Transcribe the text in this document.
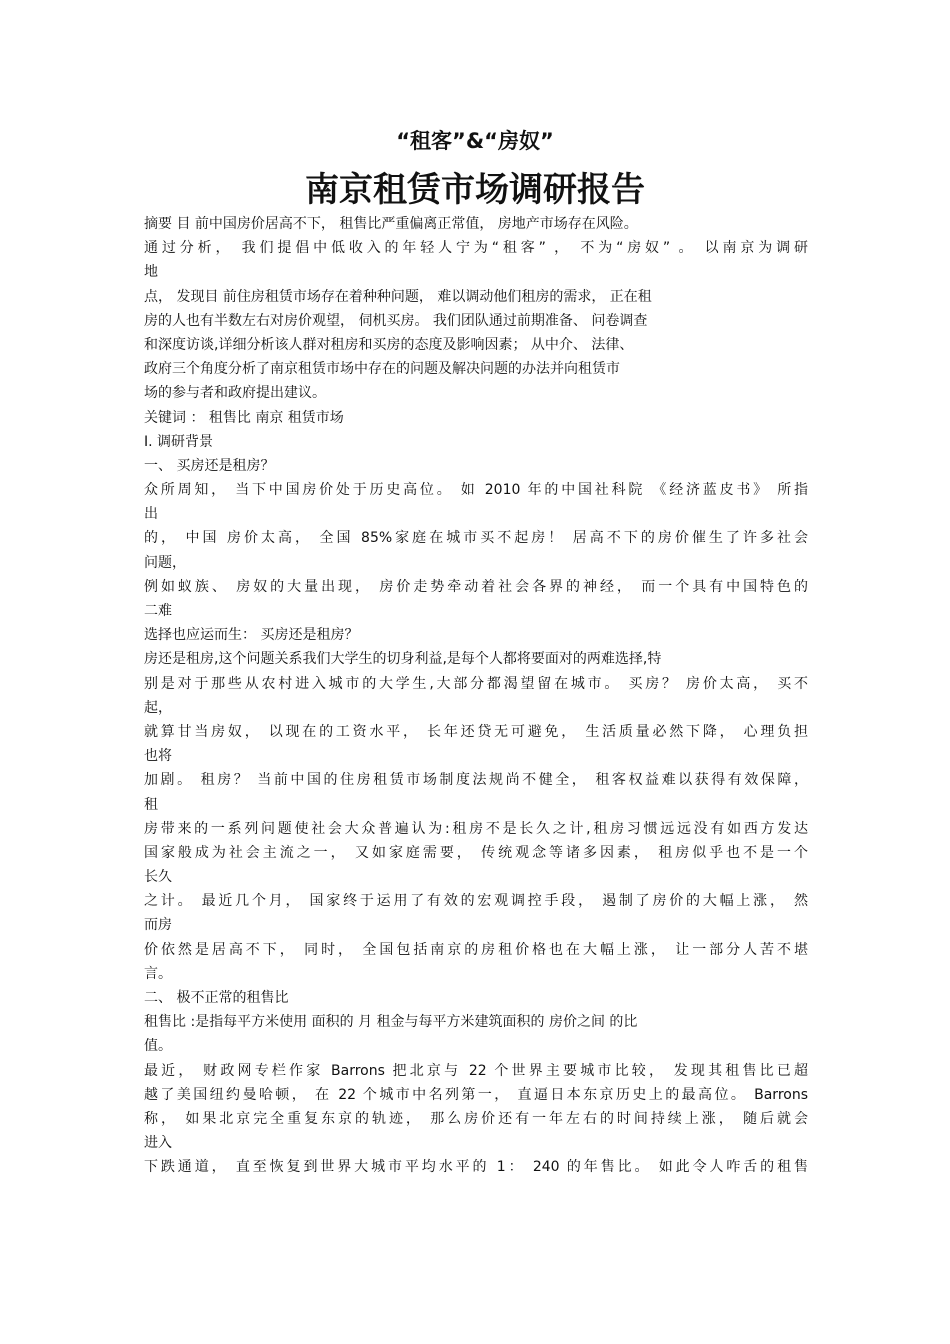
“租客”&“房奴”
南京租赁市场调研报告
摘要 目 前中国房价居高不下， 租售比严重偏离正常值， 房地产市场存在风险。
通过分析， 我们提倡中低收入的年轻人宁为“租客” ， 不为“房奴” 。 以南京为调研
地
点， 发现目 前住房租赁市场存在着种种问题， 难以调动他们租房的需求， 正在租
房的人也有半数左右对房价观望， 伺机买房。 我们团队通过前期准备、 问卷调查
和深度访谈,详细分析该人群对租房和买房的态度及影响因素； 从中介、 法律、
政府三个角度分析了南京租赁市场中存在的问题及解决问题的办法并向租赁市
场的参与者和政府提出建议。
关键词 ： 租售比 南京 租赁市场
I. 调研背景
一、 买房还是租房？
众所周知， 当下中国房价处于历史高位。 如 2010 年的中国社科院 《经济蓝皮书》 所指
出
的， 中国 房价太高， 全国 85%家庭在城市买不起房！ 居高不下的房价催生了许多社会
问题，
例如蚁族、 房奴的大量出现， 房价走势牵动着社会各界的神经， 而一个具有中国特色的
二难
选择也应运而生： 买房还是租房？
房还是租房,这个问题关系我们大学生的切身利益,是每个人都将要面对的两难选择,特
别是对于那些从农村进入城市的大学生,大部分都渴望留在城市。 买房？ 房价太高， 买不
起，
就算甘当房奴， 以现在的工资水平， 长年还贷无可避免， 生活质量必然下降， 心理负担
也将
加剧。 租房？ 当前中国的住房租赁市场制度法规尚不健全， 租客权益难以获得有效保障，
租
房带来的一系列问题使社会大众普遍认为:租房不是长久之计,租房习惯远远没有如西方发达
国家般成为社会主流之一， 又如家庭需要， 传统观念等诸多因素， 租房似乎也不是一个
长久
之计。 最近几个月， 国家终于运用了有效的宏观调控手段， 遏制了房价的大幅上涨， 然
而房
价依然是居高不下， 同时， 全国包括南京的房租价格也在大幅上涨， 让一部分人苦不堪
言。
二、 极不正常的租售比
租售比 :是指每平方米使用 面积的 月 租金与每平方米建筑面积的 房价之间 的比
值。
最近， 财政网专栏作家 Barrons 把北京与 22 个世界主要城市比较， 发现其租售比已超
越了美国纽约曼哈顿， 在 22 个城市中名列第一， 直逼日本东京历史上的最高位。 Barrons
称， 如果北京完全重复东京的轨迹， 那么房价还有一年左右的时间持续上涨， 随后就会
进入
下跌通道， 直至恢复到世界大城市平均水平的 1： 240 的年售比。 如此令人咋舌的租售
